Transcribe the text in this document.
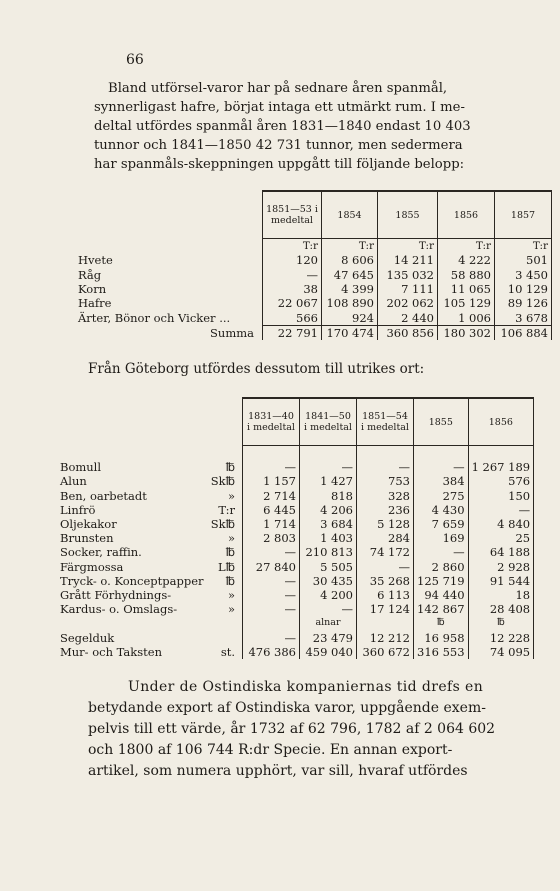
66
Bland utförsel-varor har på sednare åren spanmål,
synnerligast hafre, börjat intaga ett utmärkt rum. I me-
deltal utfördes spanmål åren 1831—1840 endast 10 403
tunnor och 1841—1850 42 731 tunnor, men sedermera
har spanmåls-skeppningen uppgått till följande belopp:
	1851—53 i medeltal	1854	1855	1856	1857
	T:r	T:r	T:r	T:r	T:r
Hvete	120	8 606	14 211	4 222	501
Råg	—	47 645	135 032	58 880	3 450
Korn	38	4 399	7 111	11 065	10 129
Hafre	22 067	108 890	202 062	105 129	89 126
Ärter, Bönor och Vicker ...	566	924	2 440	1 006	3 678
Summa	22 791	170 474	360 856	180 302	106 884
Från Göteborg utfördes dessutom till utrikes ort:
	1831—40 i medeltal	1841—50 i medeltal	1851—54 i medeltal	1855	1856

Bomull ℔	—	—	—	—	1 267 189
Alun Sk℔	1 157	1 427	753	384	576
Ben, oarbetadt »	2 714	818	328	275	150
Linfrö T:r	6 445	4 206	236	4 430	—
Oljekakor Sk℔	1 714	3 684	5 128	7 659	4 840
Brunsten »	2 803	1 403	284	169	25
Socker, raffin. ℔	—	210 813	74 172	—	64 188
Färgmossa L℔	27 840	5 505	—	2 860	2 928
Tryck- o. Konceptpapper ℔	—	30 435	35 268	125 719	91 544
Grått Förhydnings- »	—	4 200	6 113	94 440	18
Kardus- o. Omslags- »	—	—	17 124	142 867	28 408
		alnar		℔	℔
Segelduk	—	23 479	12 212	16 958	12 228
Mur- och Taksten st.	476 386	459 040	360 672	316 553	74 095
Under de Ostindiska kompaniernas tid drefs en
betydande export af Ostindiska varor, uppgående exem-
pelvis till ett värde, år 1732 af 62 796, 1782 af 2 064 602
och 1800 af 106 744 R:dr Specie. En annan export-
artikel, som numera upphört, var sill, hvaraf utfördes
